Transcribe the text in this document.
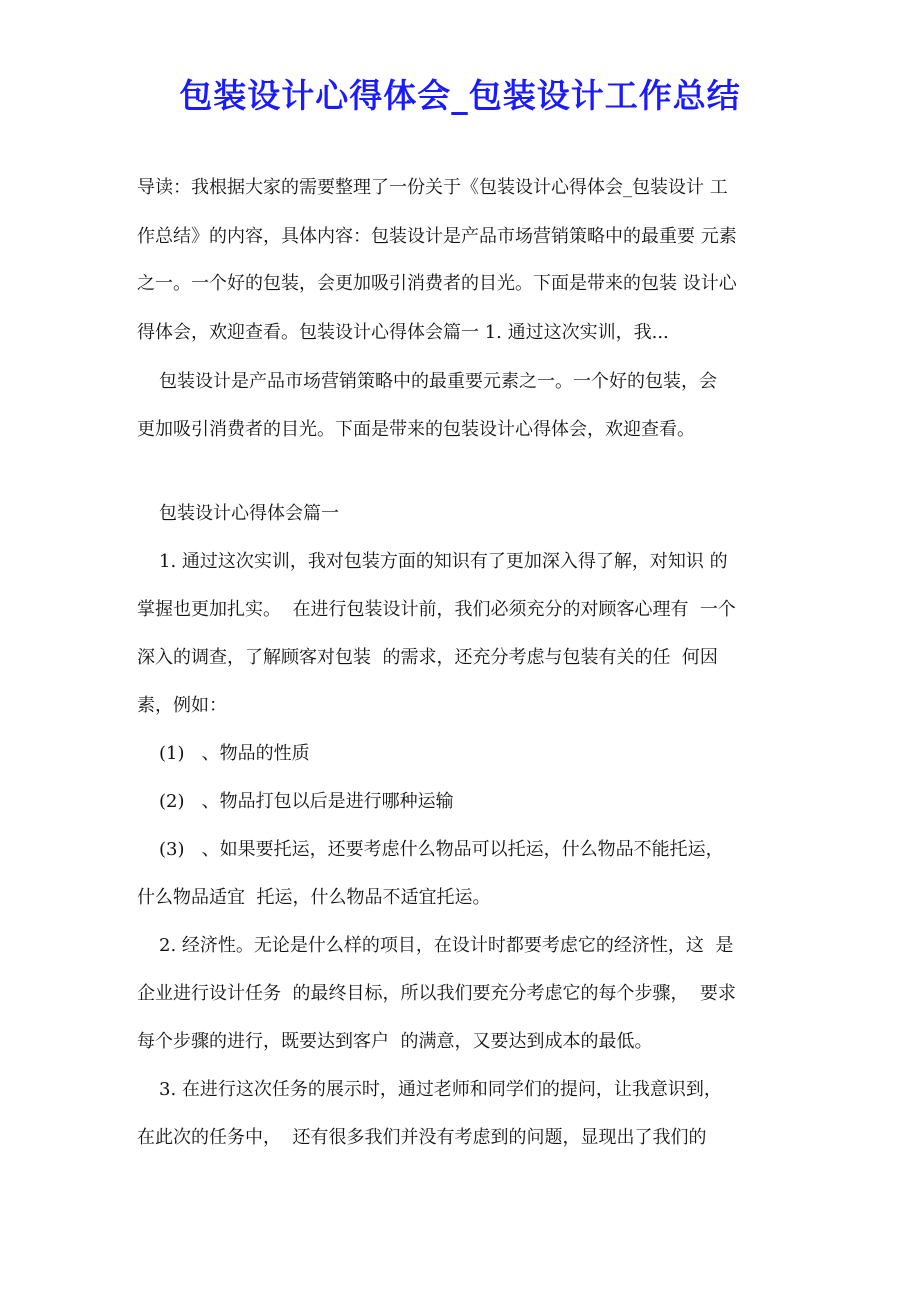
包装设计心得体会_包装设计工作总结
导读：我根据大家的需要整理了一份关于《包装设计心得体会_包装设计 工
作总结》的内容，具体内容：包装设计是产品市场营销策略中的最重要 元素
之一。一个好的包装，会更加吸引消费者的目光。下面是带来的包装 设计心
得体会，欢迎查看。包装设计心得体会篇一 1. 通过这次实训，我...
包装设计是产品市场营销策略中的最重要元素之一。一个好的包装，会
更加吸引消费者的目光。下面是带来的包装设计心得体会，欢迎查看。
包装设计心得体会篇一
1. 通过这次实训，我对包装方面的知识有了更加深入得了解，对知识 的
掌握也更加扎实。  在进行包装设计前，我们必须充分的对顾客心理有  一个
深入的调查，了解顾客对包装  的需求，还充分考虑与包装有关的任  何因
素，例如：
(1)   、物品的性质
(2)   、物品打包以后是进行哪种运输
(3)   、如果要托运，还要考虑什么物品可以托运，什么物品不能托运，
什么物品适宜  托运，什么物品不适宜托运。
2. 经济性。无论是什么样的项目，在设计时都要考虑它的经济性，这  是
企业进行设计任务  的最终目标，所以我们要充分考虑它的每个步骤，  要求
每个步骤的进行，既要达到客户  的满意，又要达到成本的最低。
3. 在进行这次任务的展示时，通过老师和同学们的提问，让我意识到，
在此次的任务中，  还有很多我们并没有考虑到的问题，显现出了我们的
